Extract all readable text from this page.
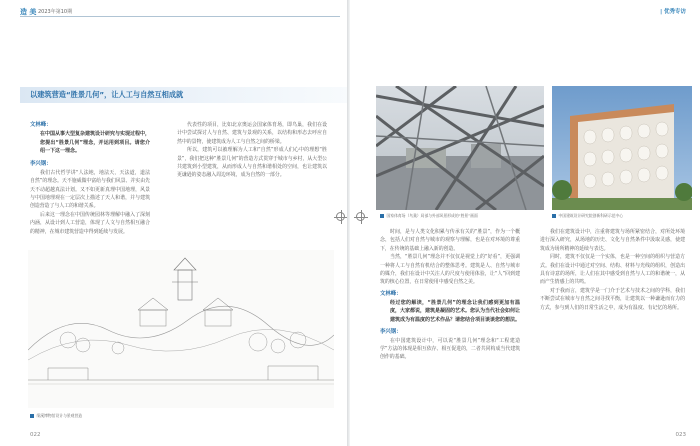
造 美 2023年第10期
以建筑营造“胜景几何”，让人工与自然互相成就
文林峰：
在中国从事大型复杂建筑设计研究与实现过程中，您提出“胜景几何”理念，并运用到项目。请您介绍一下这一理念。
李兴钢：

我们古代哲学讲“人法地，地法天，天法道，道法自然”的理念。天不施威做中富给与我们风景、并实由先天不动超越真法计划。又不如更新真理中国地理，风景与中国地理观在一定层次上描述了天人和谐，并与建筑创造营造了与人工的和谐关系。

后来这一理念在中国传统园林等理解中融入了深刻内涵，从设计到人工营造，体现了人文与自然相互融合的精神，在城市建筑营造中得到延续与发展。

代表性的项目，比如北京奥运会国家体育场，即鸟巢，我们在设计中尝试探讨人与自然、建筑与景观的关系，以结构和形态去呼应自然中的景物，使建筑成为人工与自然之间的桥梁。

所以，建筑可以被理解为人工和“自然”形成人们心中的理想“胜景”，我们把这种“胜景几何”的营造方式贯穿于城市与乡村，从大型公共建筑到小型建筑，从而形成人与自然和谐相处的空间，也让建筑以更谦逊的姿态融入周边环境，成为自然的一部分。

绩溪博物馆设计与景观营造
022
| 优秀专访
国家体育场（鸟巢）局部与外部风景形成的“胜景”画面	中国建筑设计研究院创新科研示范中心

时间，是与人类文化积累与传承有关的“胜景”，作为一个概念，包括人们对自然与城市的观察与理解，也是在对环境的尊重下，在传统的基础上融入新的创造。

当然，“胜景几何”理念并不仅仅是视觉上的“好看”，更强调一种将人工与自然有机结合的整体思考。建筑是人、自然与城市的媒介，我们在设计中关注人的尺度与使用体验，让“人”回到建筑的核心位置，在日常使用中感受自然之美。

文林峰：
经过您的解读，“胜景几何”的理念让我们感到更加有温度，大家都说，建筑是凝固的艺术。您认为当代社会如何让建筑成为有温度的艺术作品？请您结合项目谈谈您的想法。
李兴钢：

在中国建筑设计中，可以说“胜景几何”理念和“工程建造学”方法的体现是相互依存、相互促进的，二者共同构成当代建筑创作的基础。

我们在建筑设计中，注重将建筑与场所紧密结合，对所处环境进行深入研究，从场地的历史、文化与自然条件中汲取灵感，使建筑成为场所精神的延续与表达。

同时，建筑不仅仅是一个实体，也是一种空间的组织与营造方式。我们在设计中通过对空间、结构、材料与光线的组织，创造出具有诗意的场所，让人们在其中感受到自然与人工的和谐统一，从而产生情感上的共鸣。

对于我而言，建筑学是一门介于艺术与技术之间的学科，我们不断尝试在城市与自然之间寻找平衡，让建筑以一种谦逊而有力的方式，参与到人们的日常生活之中，成为有温度、有记忆的场所。

023
